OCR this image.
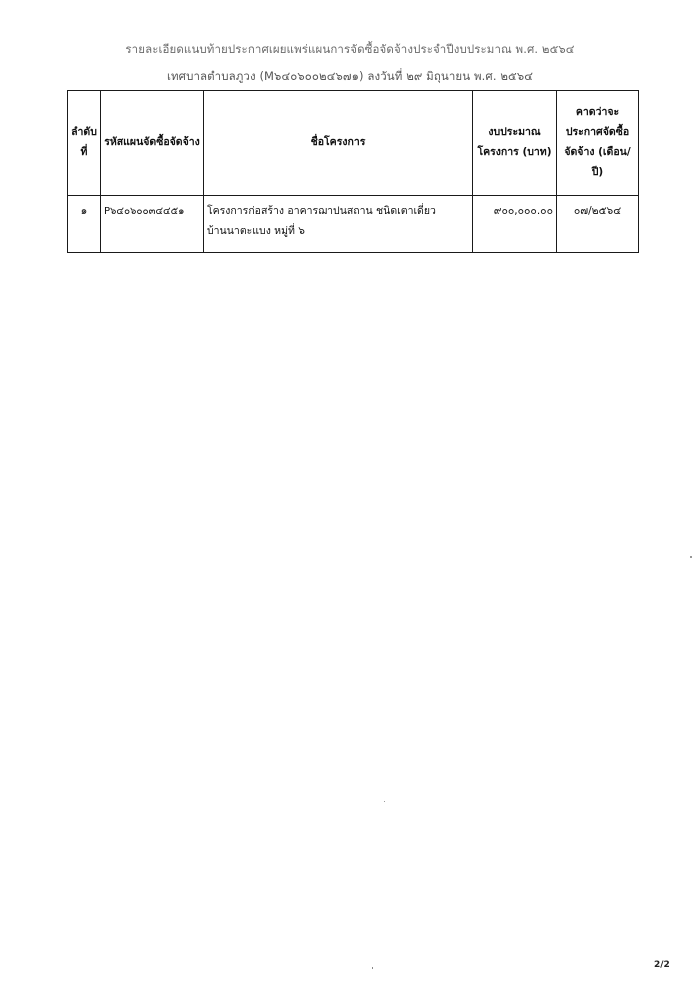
รายละเอียดแนบท้ายประกาศเผยแพร่แผนการจัดซื้อจัดจ้างประจำปีงบประมาณ พ.ศ. ๒๕๖๔
เทศบาลตำบลภูวง (M๖๔๐๖๐๐๒๔๖๗๑) ลงวันที่ ๒๙ มิถุนายน พ.ศ. ๒๕๖๔
ลำดับที่	รหัสแผนจัดซื้อจัดจ้าง	ชื่อโครงการ	งบประมาณโครงการ (บาท)	คาดว่าจะประกาศจัดซื้อจัดจ้าง (เดือน/ปี)
๑	P๖๔๐๖๐๐๓๔๔๕๑	โครงการก่อสร้าง อาคารฌาปนสถาน ชนิดเตาเดี่ยว บ้านนาตะแบง หมู่ที่ ๖	๙๐๐,๐๐๐.๐๐	๐๗/๒๕๖๔
2/2
